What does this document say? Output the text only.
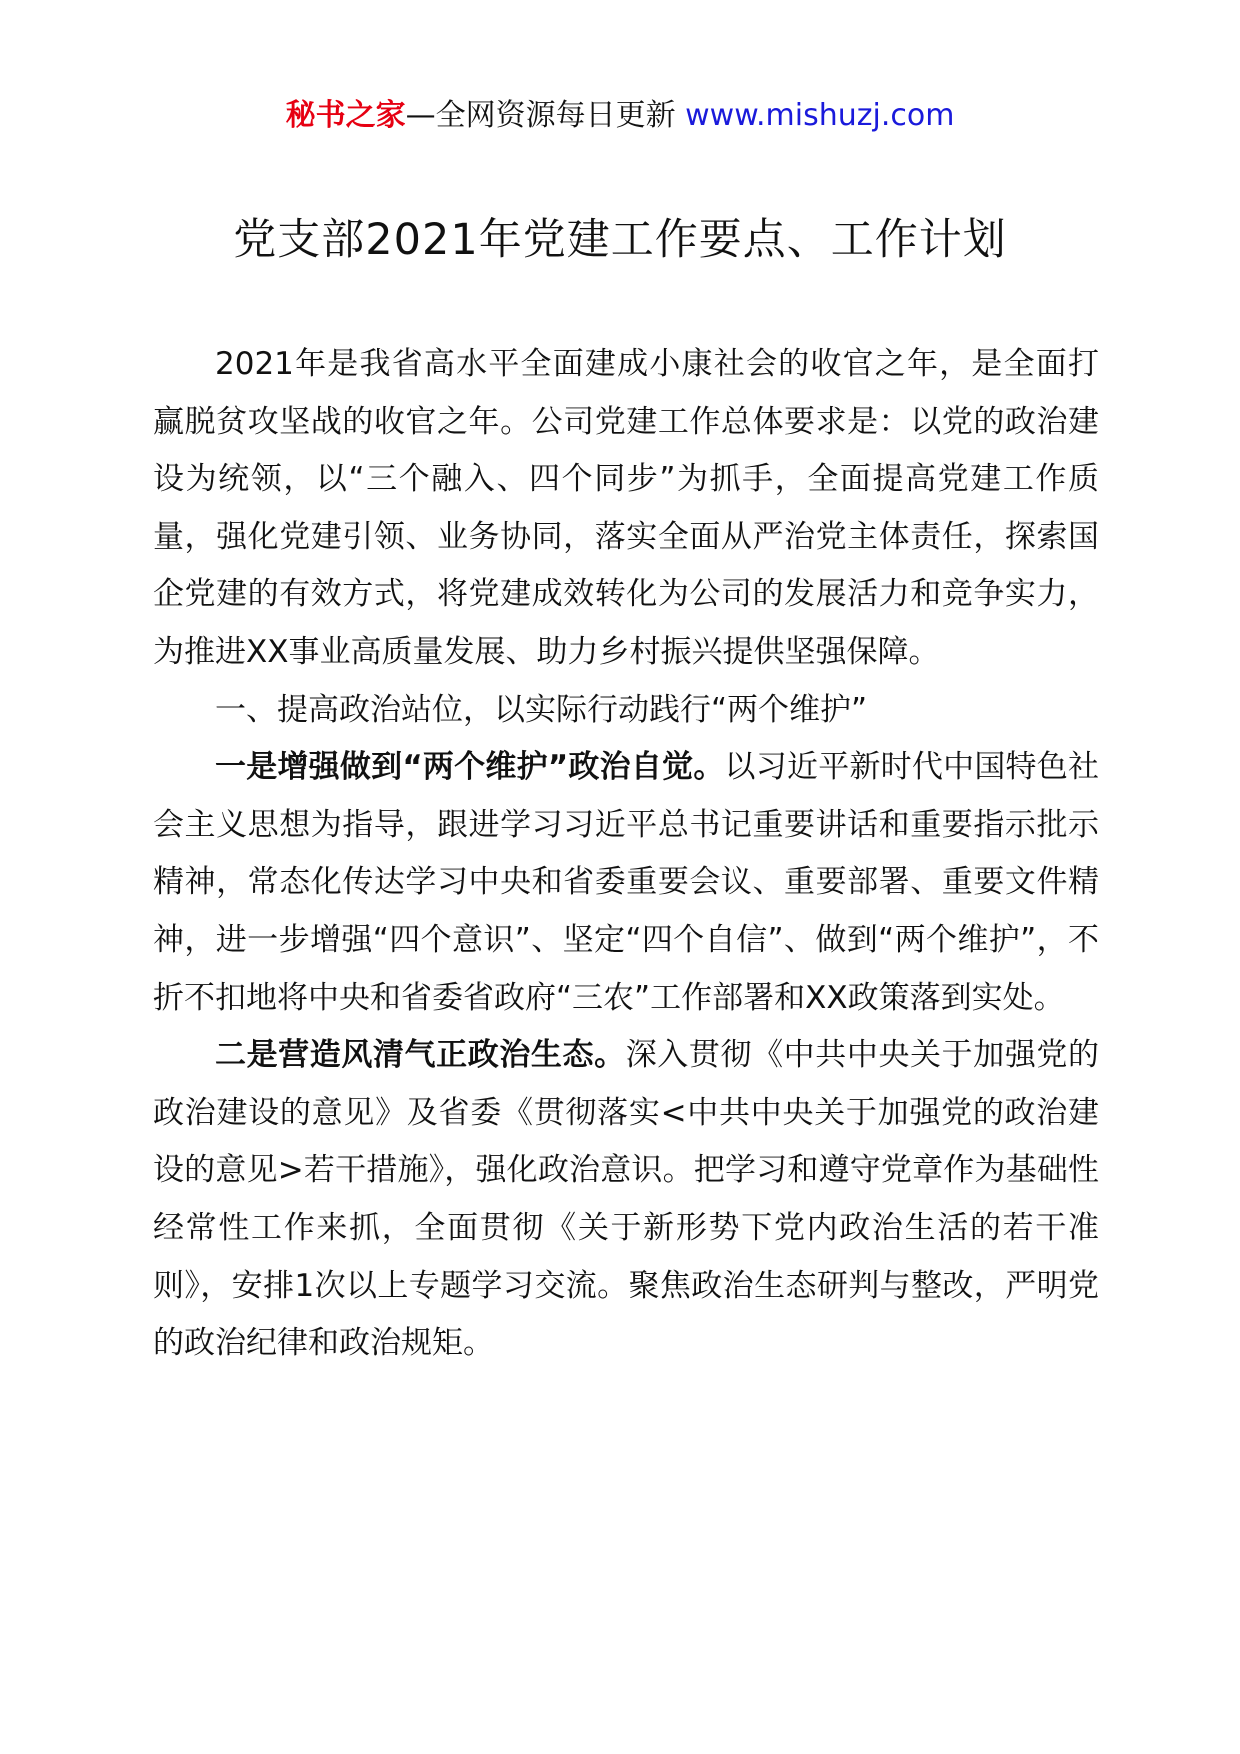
秘书之家—全网资源每日更新 www.mishuzj.com
党支部2021年党建工作要点、工作计划

2021年是我省高水平全面建成小康社会的收官之年，是全面打赢脱贫攻坚战的收官之年。公司党建工作总体要求是：以党的政治建设为统领，以“三个融入、四个同步”为抓手，全面提高党建工作质量，强化党建引领、业务协同，落实全面从严治党主体责任，探索国企党建的有效方式，将党建成效转化为公司的发展活力和竞争实力，为推进XX事业高质量发展、助力乡村振兴提供坚强保障。

一、提高政治站位，以实际行动践行“两个维护”

一是增强做到“两个维护”政治自觉。以习近平新时代中国特色社会主义思想为指导，跟进学习习近平总书记重要讲话和重要指示批示精神，常态化传达学习中央和省委重要会议、重要部署、重要文件精神，进一步增强“四个意识”、坚定“四个自信”、做到“两个维护”，不折不扣地将中央和省委省政府“三农”工作部署和XX政策落到实处。

二是营造风清气正政治生态。深入贯彻《中共中央关于加强党的政治建设的意见》及省委《贯彻落实<中共中央关于加强党的政治建设的意见>若干措施》，强化政治意识。把学习和遵守党章作为基础性经常性工作来抓，全面贯彻《关于新形势下党内政治生活的若干准则》，安排1次以上专题学习交流。聚焦政治生态研判与整改，严明党的政治纪律和政治规矩。
